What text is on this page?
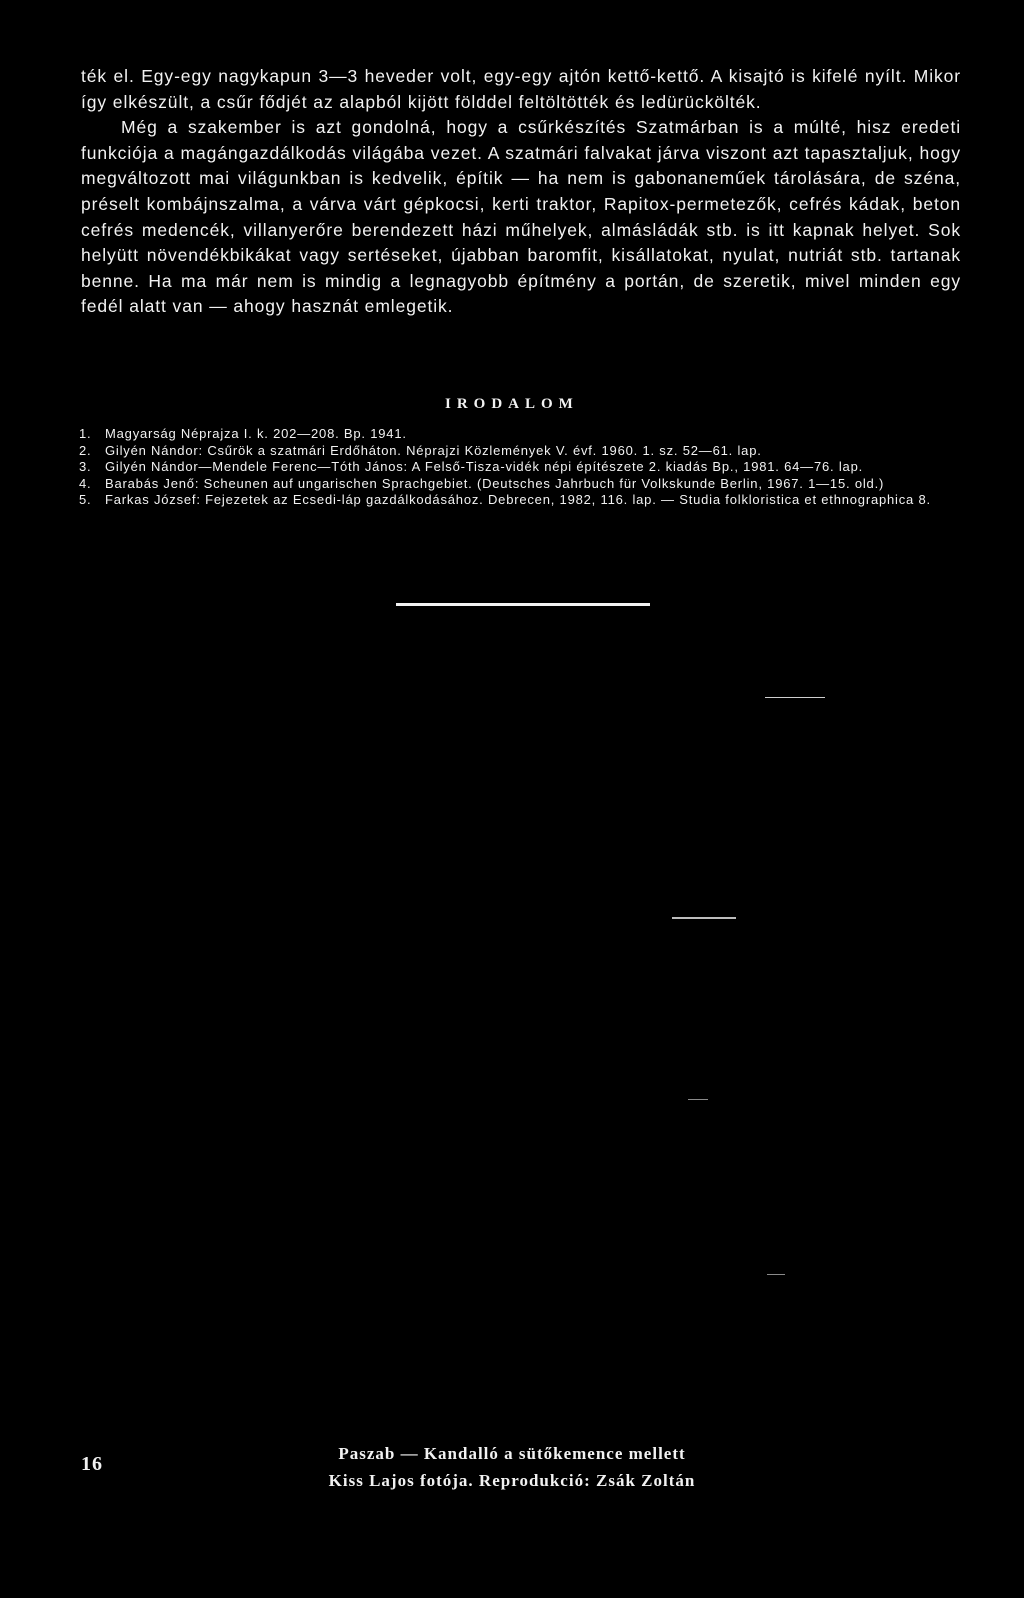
ték el. Egy-egy nagykapun 3—3 heveder volt, egy-egy ajtón kettő-kettő. A kisajtó is kifelé nyílt. Mikor így elkészült, a csűr fődjét az alapból kijött földdel feltöltötték és ledürückölték.

Még a szakember is azt gondolná, hogy a csűrkészítés Szatmárban is a múlté, hisz eredeti funkciója a magángazdálkodás világába vezet. A szatmári falvakat járva viszont azt tapasztaljuk, hogy megváltozott mai világunkban is kedvelik, építik — ha nem is gabonaneműek tárolására, de széna, préselt kombájnszalma, a várva várt gépkocsi, kerti traktor, Rapitox-permetezők, cefrés kádak, beton cefrés medencék, villanyerőre berendezett házi műhelyek, almásládák stb. is itt kapnak helyet. Sok helyütt növendékbikákat vagy sertéseket, újabban baromfit, kisállatokat, nyulat, nutriát stb. tartanak benne. Ha ma már nem is mindig a legnagyobb építmény a portán, de szeretik, mivel minden egy fedél alatt van — ahogy hasznát emlegetik.

IRODALOM
1.	Magyarság Néprajza I. k. 202—208. Bp. 1941.
2.	Gilyén Nándor: Csűrök a szatmári Erdőháton. Néprajzi Közlemények V. évf. 1960. 1. sz. 52—61. lap.
3.	Gilyén Nándor—Mendele Ferenc—Tóth János: A Felső-Tisza-vidék népi építészete 2. kiadás Bp., 1981. 64—76. lap.
4.	Barabás Jenő: Scheunen auf ungarischen Sprachgebiet. (Deutsches Jahrbuch für Volkskunde Berlin, 1967. 1—15. old.)
5.	Farkas József: Fejezetek az Ecsedi-láp gazdálkodásához. Debrecen, 1982, 116. lap. — Studia folkloristica et ethnographica 8.
Paszab — Kandalló a sütőkemence mellett
Kiss Lajos fotója. Reprodukció: Zsák Zoltán
16
